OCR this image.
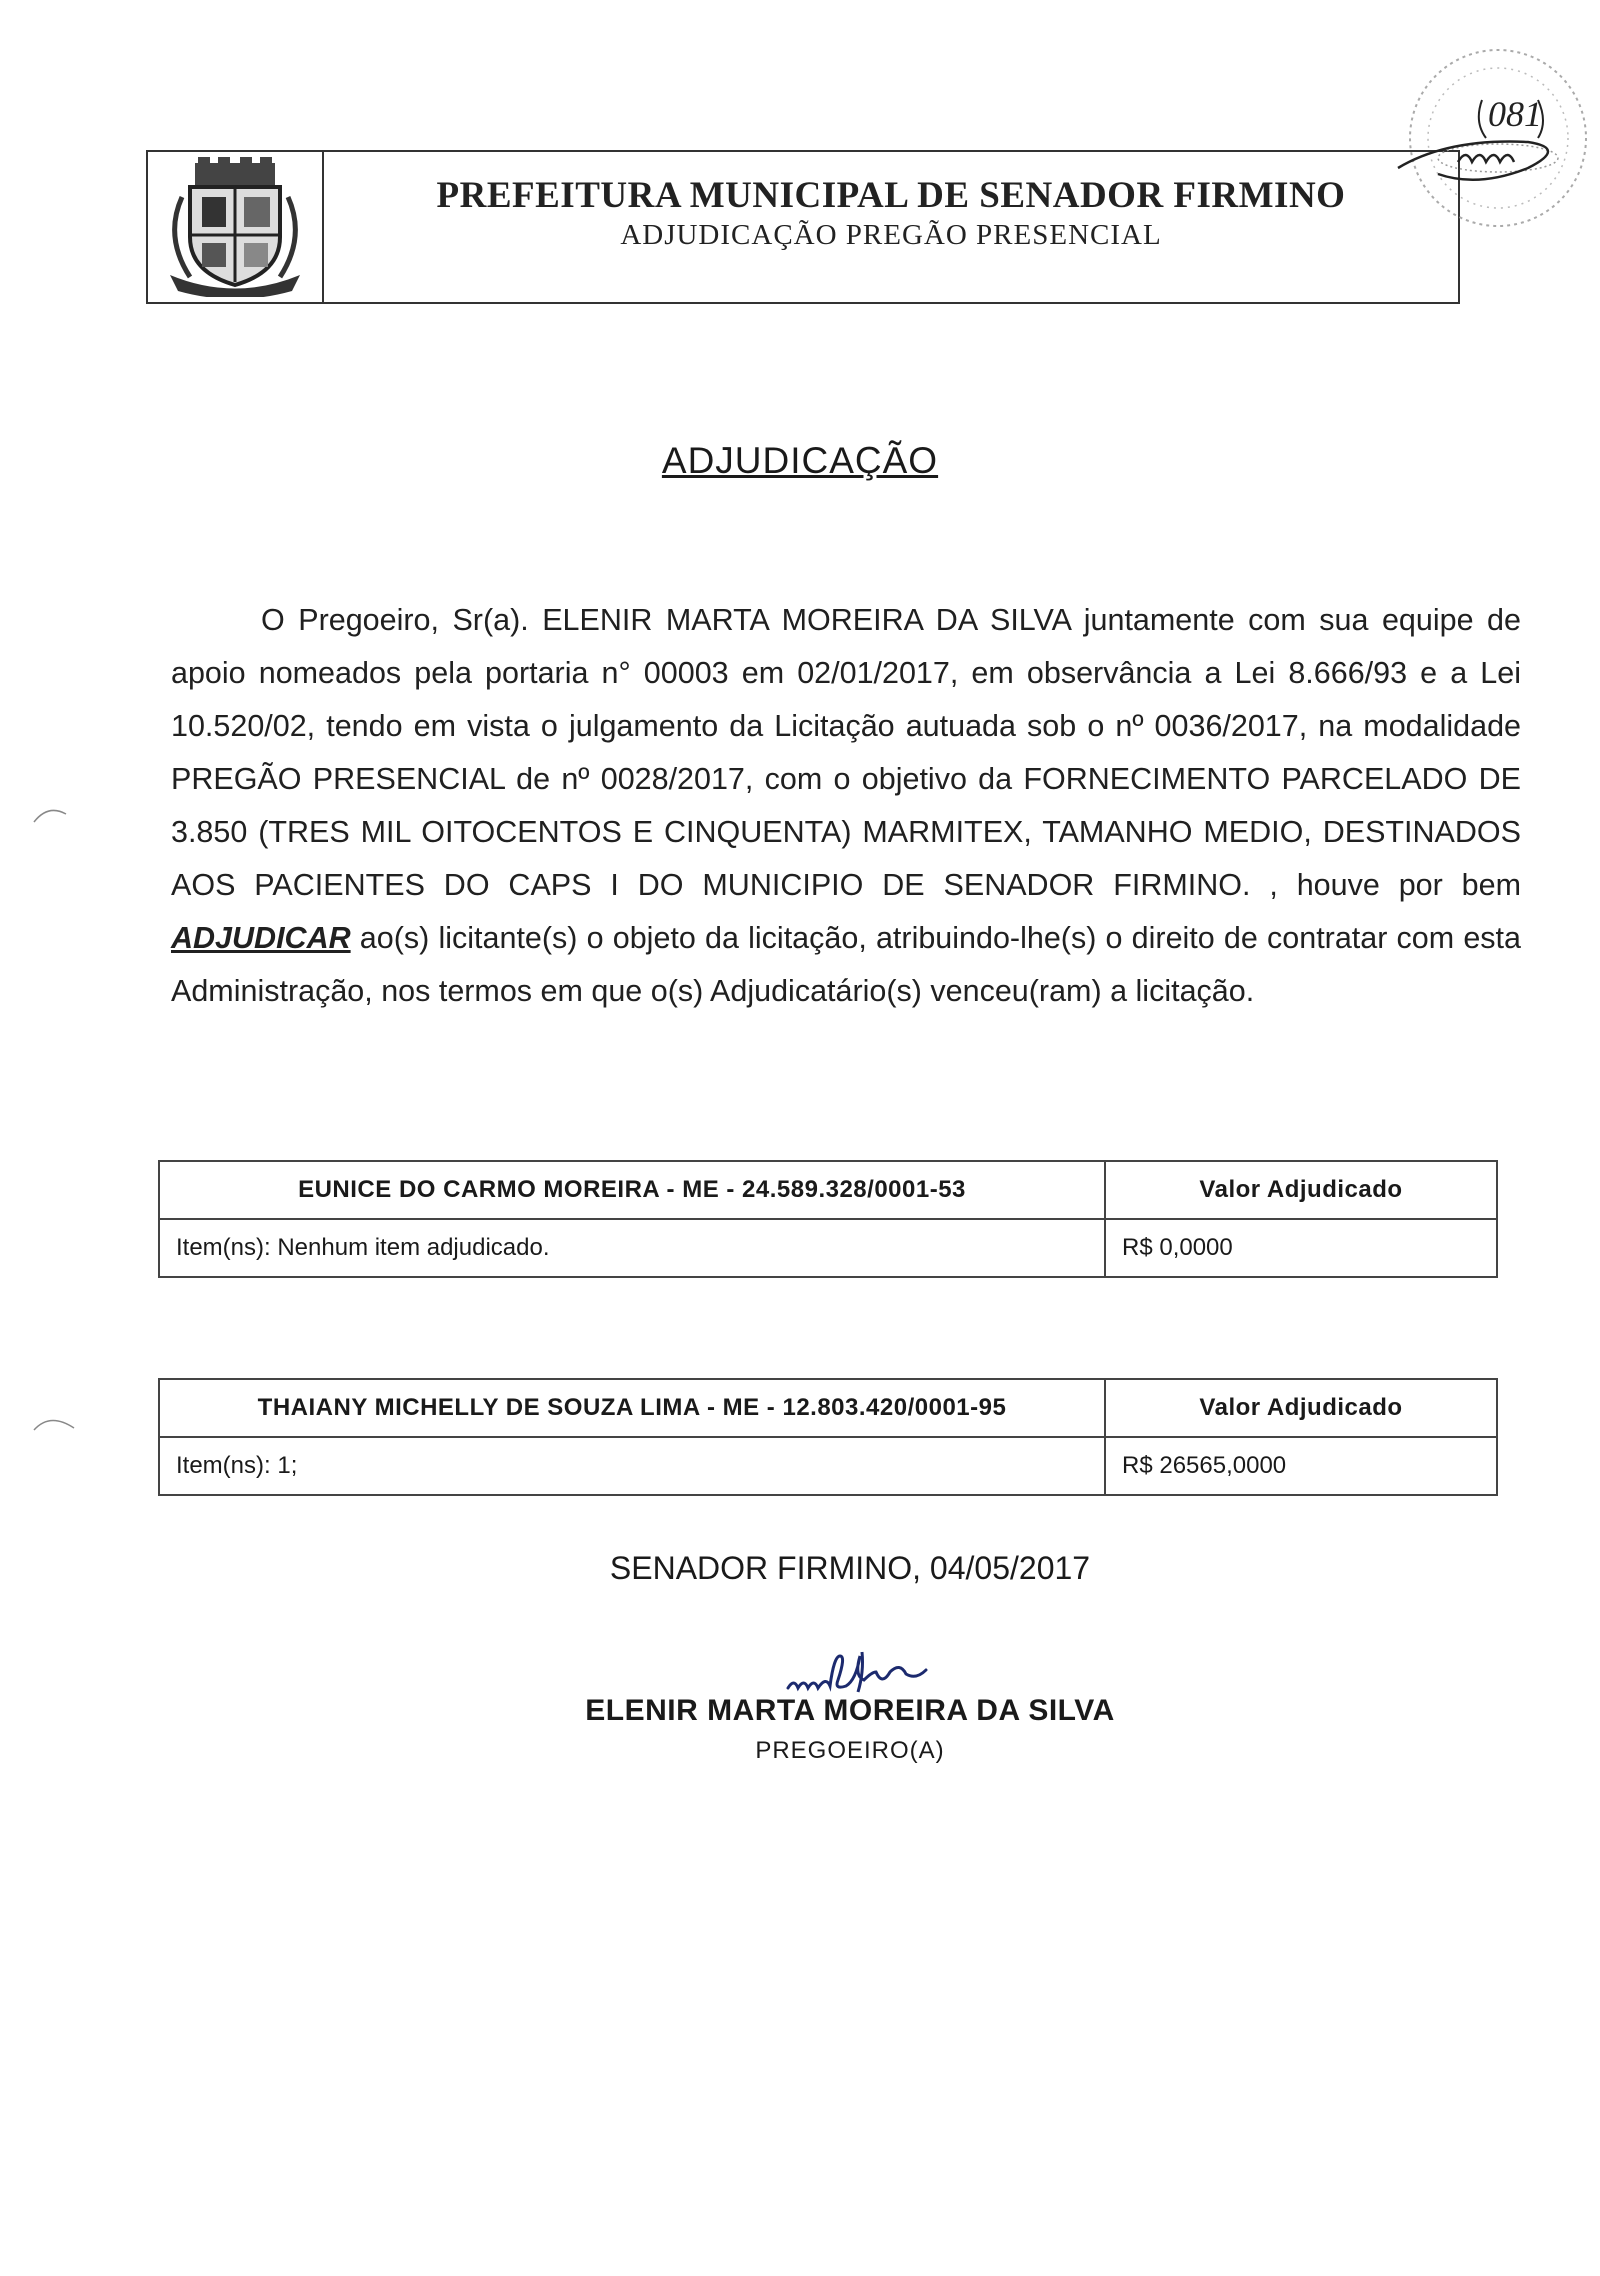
PREFEITURA MUNICIPAL DE SENADOR FIRMINO
ADJUDICAÇÃO PREGÃO PRESENCIAL
081
ADJUDICAÇÃO

O Pregoeiro, Sr(a). ELENIR MARTA MOREIRA DA SILVA juntamente com sua equipe de apoio nomeados pela portaria n° 00003 em 02/01/2017, em observância a Lei 8.666/93 e a Lei 10.520/02, tendo em vista o julgamento da Licitação autuada sob o nº 0036/2017, na modalidade PREGÃO PRESENCIAL de nº 0028/2017, com o objetivo da FORNECIMENTO PARCELADO DE 3.850 (TRES MIL OITOCENTOS E CINQUENTA) MARMITEX, TAMANHO MEDIO, DESTINADOS AOS PACIENTES DO CAPS I DO MUNICIPIO DE SENADOR FIRMINO. , houve por bem ADJUDICAR ao(s) licitante(s) o objeto da licitação, atribuindo-lhe(s) o direito de contratar com esta Administração, nos termos em que o(s) Adjudicatário(s) venceu(ram) a licitação.

EUNICE DO CARMO MOREIRA - ME - 24.589.328/0001-53	Valor Adjudicado
Item(ns): Nenhum item adjudicado.	R$ 0,0000
THAIANY MICHELLY DE SOUZA LIMA - ME - 12.803.420/0001-95	Valor Adjudicado
Item(ns): 1;	R$ 26565,0000
SENADOR FIRMINO, 04/05/2017
ELENIR MARTA MOREIRA DA SILVA
PREGOEIRO(A)
